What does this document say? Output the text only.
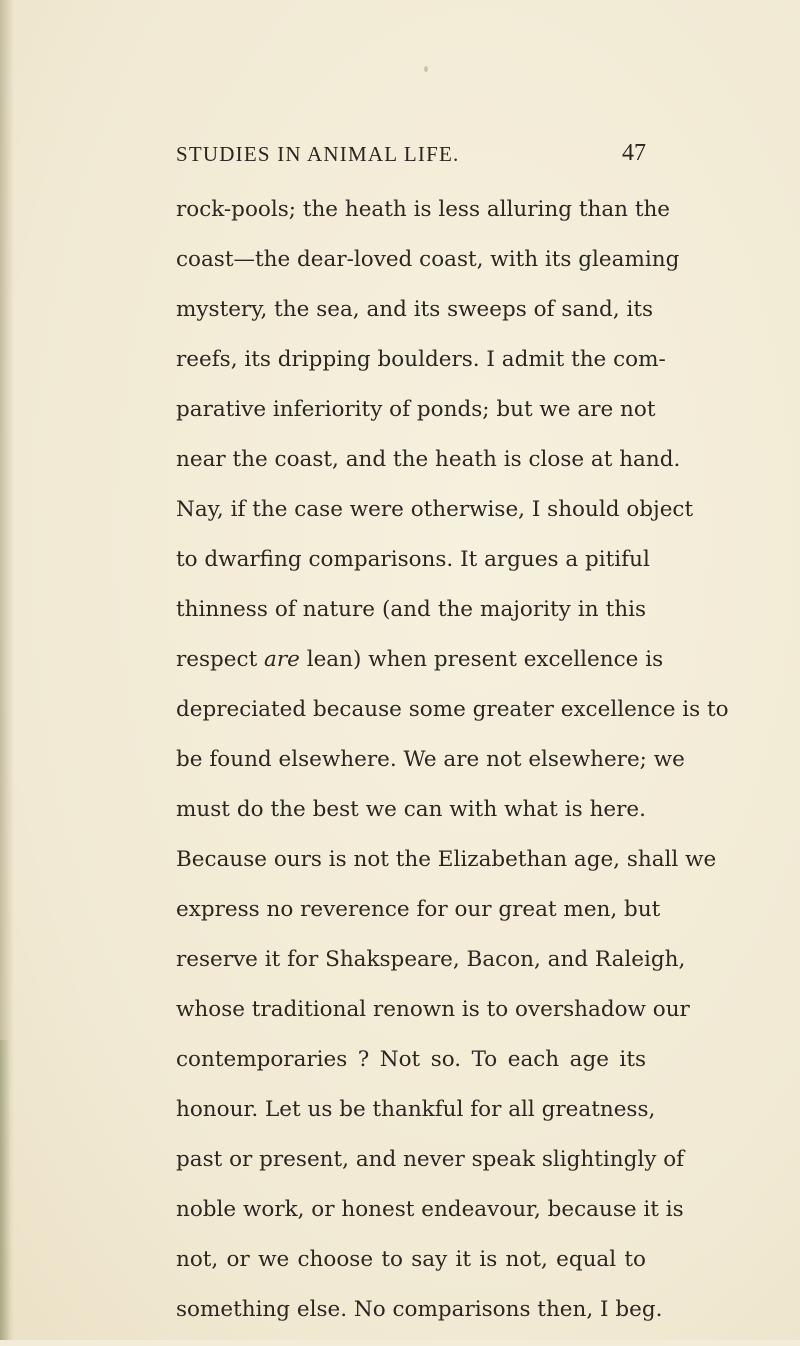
STUDIES IN ANIMAL LIFE.	47
rock-pools; the heath is less alluring than the
coast—the dear-loved coast, with its gleaming
mystery, the sea, and its sweeps of sand, its
reefs, its dripping boulders. I admit the com-
parative inferiority of ponds; but we are not
near the coast, and the heath is close at hand.
Nay, if the case were otherwise, I should object
to dwarfing comparisons. It argues a pitiful
thinness of nature (and the majority in this
respect are lean) when present excellence is
depreciated because some greater excellence is to
be found elsewhere. We are not elsewhere; we
must do the best we can with what is here.
Because ours is not the Elizabethan age, shall we
express no reverence for our great men, but
reserve it for Shakspeare, Bacon, and Raleigh,
whose traditional renown is to overshadow our
contemporaries ? Not so. To each age its
honour. Let us be thankful for all greatness,
past or present, and never speak slightingly of
noble work, or honest endeavour, because it is
not, or we choose to say it is not, equal to
something else. No comparisons then, I beg.
